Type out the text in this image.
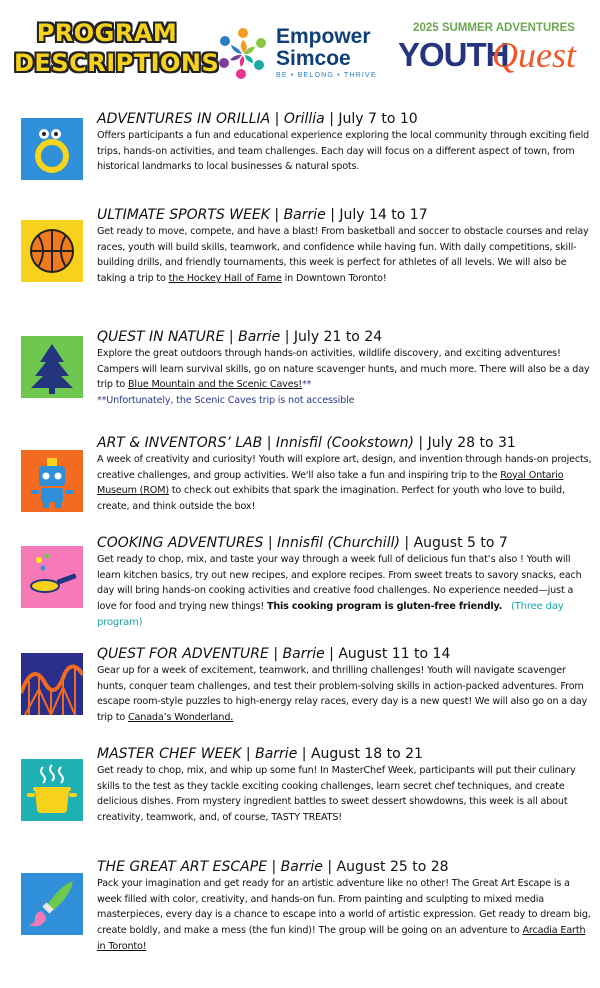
PROGRAM
DESCRIPTIONS
Empower
Simcoe
BE • BELONG • THRIVE
2025 SUMMER ADVENTURES
YOUTH
Quest
ADVENTURES IN ORILLIA | Orillia | July 7 to 10
Offers participants a fun and educational experience exploring the local community through exciting field trips, hands-on activities, and team challenges. Each day will focus on a different aspect of town, from historical landmarks to local businesses & natural spots.
ULTIMATE SPORTS WEEK | Barrie | July 14 to 17
Get ready to move, compete, and have a blast! From basketball and soccer to obstacle courses and relay races, youth will build skills, teamwork, and confidence while having fun. With daily competitions, skill-building drills, and friendly tournaments, this week is perfect for athletes of all levels. We will also be taking a trip to the Hockey Hall of Fame in Downtown Toronto!
QUEST IN NATURE | Barrie | July 21 to 24
Explore the great outdoors through hands-on activities, wildlife discovery, and exciting adventures! Campers will learn survival skills, go on nature scavenger hunts, and much more. There will also be a day trip to Blue Mountain and the Scenic Caves!**
**Unfortunately, the Scenic Caves trip is not accessible
ART & INVENTORS’ LAB | Innisfil (Cookstown) | July 28 to 31
A week of creativity and curiosity! Youth will explore art, design, and invention through hands-on projects, creative challenges, and group activities. We'll also take a fun and inspiring trip to the Royal Ontario Museum (ROM) to check out exhibits that spark the imagination. Perfect for youth who love to build, create, and think outside the box!
COOKING ADVENTURES | Innisfil (Churchill) | August 5 to 7
Get ready to chop, mix, and taste your way through a week full of delicious fun that’s also ! Youth will learn kitchen basics, try out new recipes, and explore recipes. From sweet treats to savory snacks, each day will bring hands-on cooking activities and creative food challenges. No experience needed—just a love for food and trying new things! This cooking program is gluten-free friendly. (Three day program)
QUEST FOR ADVENTURE | Barrie | August 11 to 14
Gear up for a week of excitement, teamwork, and thrilling challenges! Youth will navigate scavenger hunts, conquer team challenges, and test their problem-solving skills in action-packed adventures. From escape room-style puzzles to high-energy relay races, every day is a new quest! We will also go on a day trip to Canada’s Wonderland.
MASTER CHEF WEEK | Barrie | August 18 to 21
Get ready to chop, mix, and whip up some fun! In MasterChef Week, participants will put their culinary skills to the test as they tackle exciting cooking challenges, learn secret chef techniques, and create delicious dishes. From mystery ingredient battles to sweet dessert showdowns, this week is all about creativity, teamwork, and, of course, TASTY TREATS!
THE GREAT ART ESCAPE | Barrie | August 25 to 28
Pack your imagination and get ready for an artistic adventure like no other! The Great Art Escape is a week filled with color, creativity, and hands-on fun. From painting and sculpting to mixed media masterpieces, every day is a chance to escape into a world of artistic expression. Get ready to dream big, create boldly, and make a mess (the fun kind)! The group will be going on an adventure to Arcadia Earth in Toronto!
